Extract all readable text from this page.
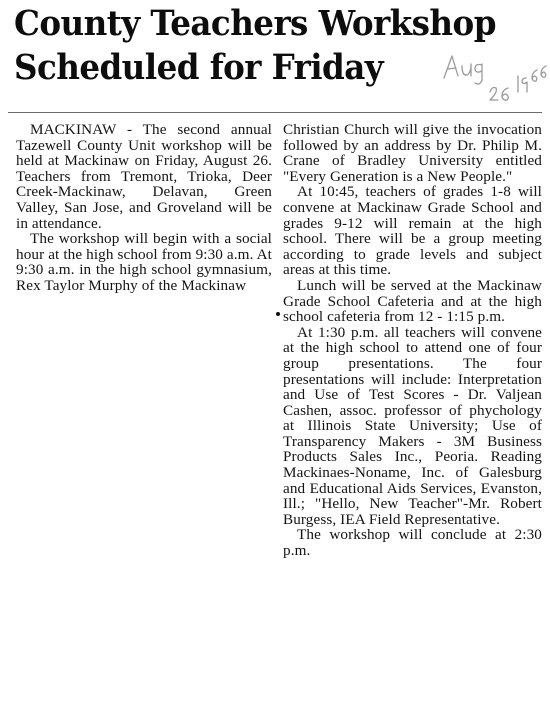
County Teachers Workshop
Scheduled for Friday

MACKINAW - The second annual Tazewell County Unit workshop will be held at Mackinaw on Friday, August 26. Teachers from Tremont, Trioka, Deer Creek-Mackinaw, Delavan, Green Valley, San Jose, and Groveland will be in attendance.

The workshop will begin with a social hour at the high school from 9:30 a.m. At 9:30 a.m. in the high school gymnasium, Rex Taylor Murphy of the Mackinaw

Christian Church will give the invocation followed by an address by Dr. Philip M. Crane of Bradley University entitled "Every Generation is a New People."

At 10:45, teachers of grades 1-8 will convene at Mackinaw Grade School and grades 9-12 will remain at the high school. There will be a group meeting according to grade levels and subject areas at this time.

Lunch will be served at the Mackinaw Grade School Cafeteria and at the high school cafeteria from 12 - 1:15 p.m.

At 1:30 p.m. all teachers will convene at the high school to attend one of four group presentations. The four presentations will include: Interpretation and Use of Test Scores - Dr. Valjean Cashen, assoc. professor of phychology at Illinois State University; Use of Transparency Makers - 3M Business Products Sales Inc., Peoria. Reading Mackinaes-Noname, Inc. of Galesburg and Educational Aids Services, Evanston, Ill.; "Hello, New Teacher"-Mr. Robert Burgess, IEA Field Representative.

The workshop will conclude at 2:30 p.m.
